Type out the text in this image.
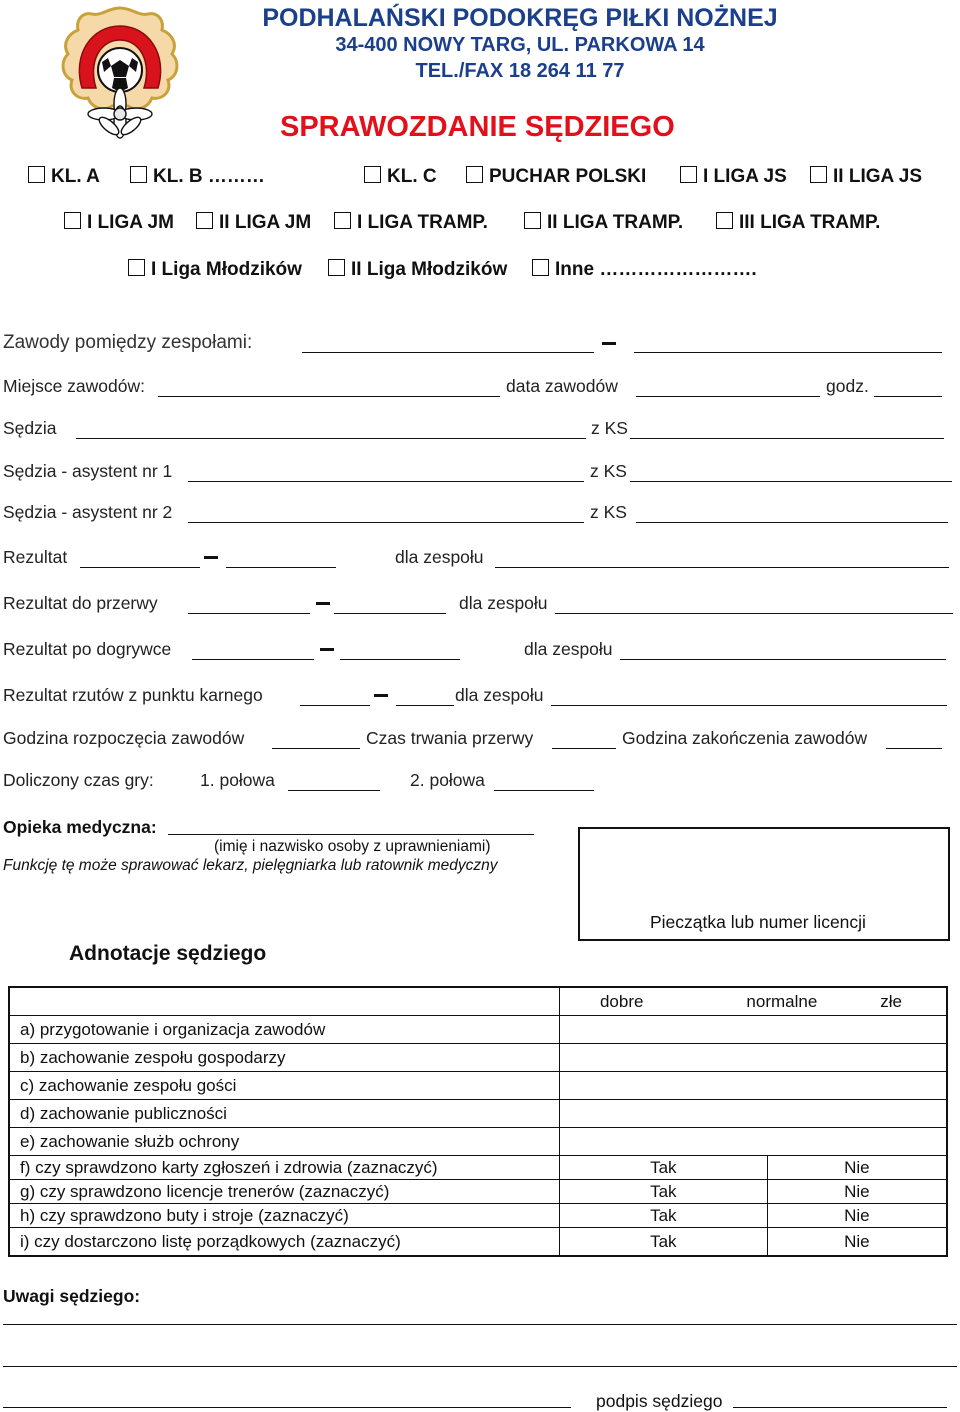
PODHALAŃSKI PODOKRĘG PIŁKI NOŻNEJ
34-400 NOWY TARG, UL. PARKOWA 14
TEL./FAX 18 264 11 77
SPRAWOZDANIE SĘDZIEGO
KL. A	KL. B ………	KL. C	PUCHAR POLSKI	I LIGA JS	II LIGA JS
I LIGA JM	II LIGA JM	I LIGA TRAMP.	II LIGA TRAMP.	III LIGA TRAMP.
I Liga Młodzików	II Liga Młodzików	Inne …………………….
Zawody pomiędzy zespołami:
Miejsce zawodów:	data zawodów	godz.
Sędzia	z KS
Sędzia - asystent nr 1	z KS
Sędzia - asystent nr 2	z KS
Rezultat	dla zespołu
Rezultat do przerwy	dla zespołu
Rezultat po dogrywce	dla zespołu
Rezultat rzutów z punktu karnego	dla zespołu
Godzina rozpoczęcia zawodów	Czas trwania przerwy	Godzina zakończenia zawodów
Doliczony czas gry:	1. połowa	2. połowa
Opieka medyczna:
(imię i nazwisko osoby z uprawnieniami)
Funkcję tę może sprawować lekarz, pielęgniarka lub ratownik medyczny
Pieczątka lub numer licencji
Adnotacje sędziego

	dobre normalne złe	

a) przygotowanie i organizacja zawodów		
b) zachowanie zespołu gospodarzy		
c) zachowanie zespołu gości		
d) zachowanie publiczności		
e) zachowanie służb ochrony		
f) czy sprawdzono karty zgłoszeń i zdrowia (zaznaczyć)	Tak	Nie
g) czy sprawdzono licencje trenerów (zaznaczyć)	Tak	Nie
h) czy sprawdzono buty i stroje (zaznaczyć)	Tak	Nie
i) czy dostarczono listę porządkowych (zaznaczyć)	Tak	Nie
Uwagi sędziego:
podpis sędziego
